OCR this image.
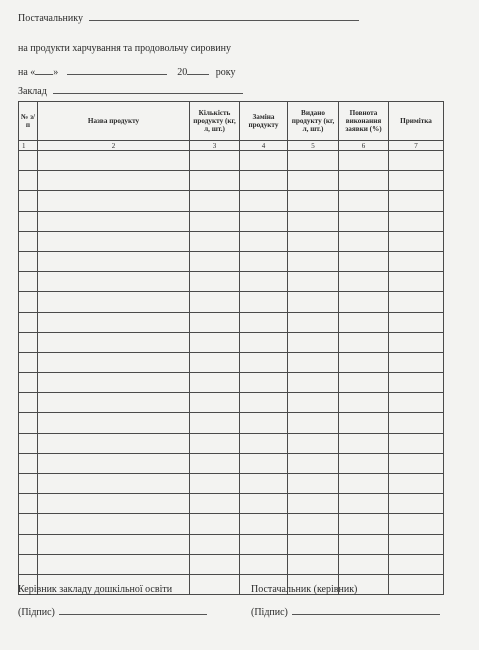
Постачальнику
на продукти харчування та продовольчу сировину
на « »	20	року
Заклад
№ з/п	Назва продукту	Кількість продукту (кг, л, шт.)	Заміна продукту	Видано продукту (кг, л, шт.)	Повнота виконання заявки (%)	Примітка
1	2	3	4	5	6	7

Керівник закладу дошкільної освіти
(Підпис)
Постачальник (керівник)
(Підпис)
